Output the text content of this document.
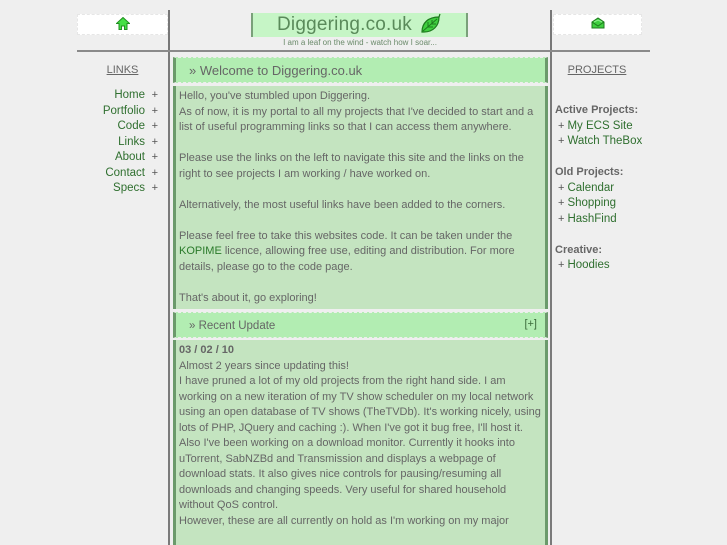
Diggering.co.uk
I am a leaf on the wind - watch how I soar...
LINKS
Home +
Portfolio +
Code +
Links +
About +
Contact +
Specs +
» Welcome to Diggering.co.uk

Hello, you've stumbled upon Diggering.

As of now, it is my portal to all my projects that I've decided to start and a list of useful programming links so that I can access them anywhere.

Please use the links on the left to navigate this site and the links on the right to see projects I am working / have worked on.

Alternatively, the most useful links have been added to the corners.

Please feel free to take this websites code. It can be taken under the KOPIME licence, allowing free use, editing and distribution. For more details, please go to the code page.

That's about it, go exploring!

» Recent Update	[+]

03 / 02 / 10

Almost 2 years since updating this!

I have pruned a lot of my old projects from the right hand side. I am working on a new iteration of my TV show scheduler on my local network using an open database of TV shows (TheTVDb). It's working nicely, using lots of PHP, JQuery and caching :). When I've got it bug free, I'll host it.

Also I've been working on a download monitor. Currently it hooks into uTorrent, SabNZBd and Transmission and displays a webpage of download stats. It also gives nice controls for pausing/resuming all downloads and changing speeds. Very useful for shared household without QoS control.

However, these are all currently on hold as I'm working on my major

PROJECTS
Active Projects:
+ My ECS Site
+ Watch TheBox
Old Projects:
+ Calendar
+ Shopping
+ HashFind
Creative:
+ Hoodies
